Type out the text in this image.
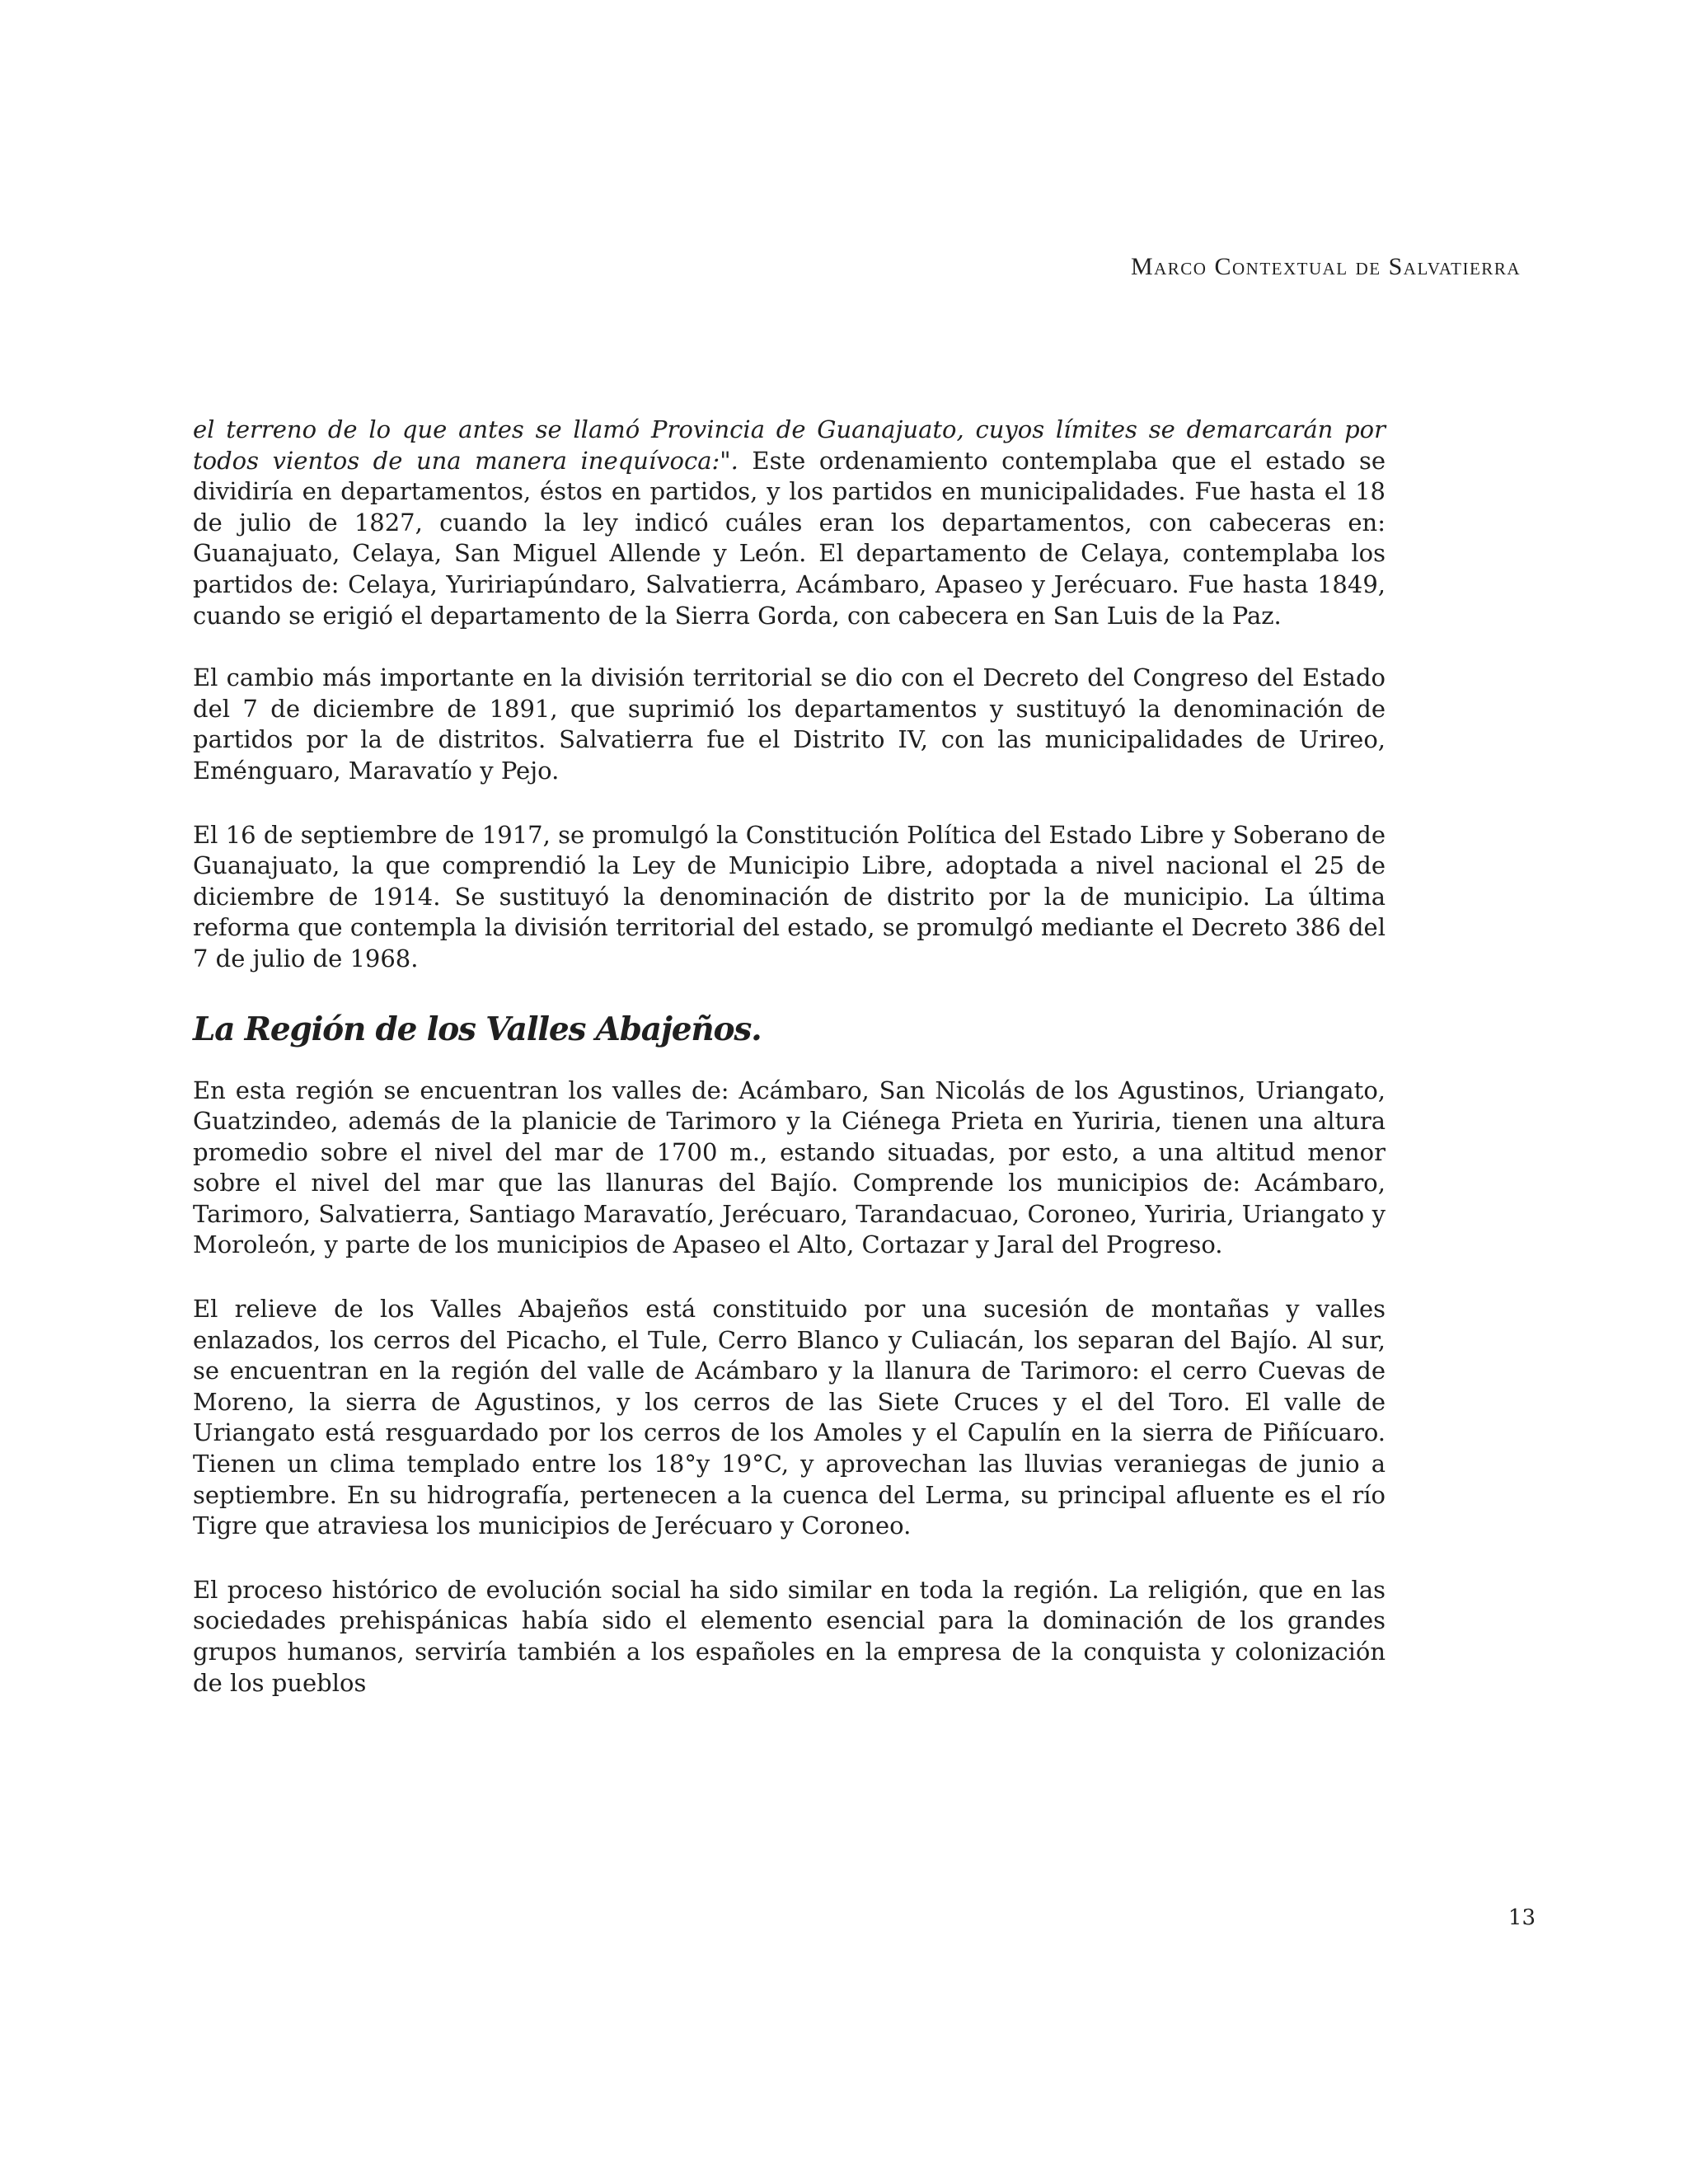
Marco Contextual de Salvatierra

el terreno de lo que antes se llamó Provincia de Guanajuato, cuyos límites se demarcarán por todos vientos de una manera inequívoca:". Este ordenamiento contemplaba que el estado se dividiría en departamentos, éstos en partidos, y los partidos en municipalidades. Fue hasta el 18 de julio de 1827, cuando la ley indicó cuáles eran los departamentos, con cabeceras en: Guanajuato, Celaya, San Miguel Allende y León. El departamento de Celaya, contemplaba los partidos de: Celaya, Yuririapúndaro, Salvatierra, Acámbaro, Apaseo y Jerécuaro. Fue hasta 1849, cuando se erigió el departamento de la Sierra Gorda, con cabecera en San Luis de la Paz.

El cambio más importante en la división territorial se dio con el Decreto del Congreso del Estado del 7 de diciembre de 1891, que suprimió los departamentos y sustituyó la denominación de partidos por la de distritos. Salvatierra fue el Distrito IV, con las municipalidades de Urireo, Eménguaro, Maravatío y Pejo.

El 16 de septiembre de 1917, se promulgó la Constitución Política del Estado Libre y Soberano de Guanajuato, la que comprendió la Ley de Municipio Libre, adoptada a nivel nacional el 25 de diciembre de 1914. Se sustituyó la denominación de distrito por la de municipio. La última reforma que contempla la división territorial del estado, se promulgó mediante el Decreto 386 del 7 de julio de 1968.

La Región de los Valles Abajeños.

En esta región se encuentran los valles de: Acámbaro, San Nicolás de los Agustinos, Uriangato, Guatzindeo, además de la planicie de Tarimoro y la Ciénega Prieta en Yuriria, tienen una altura promedio sobre el nivel del mar de 1700 m., estando situadas, por esto, a una altitud menor sobre el nivel del mar que las llanuras del Bajío. Comprende los municipios de: Acámbaro, Tarimoro, Salvatierra, Santiago Maravatío, Jerécuaro, Tarandacuao, Coroneo, Yuriria, Uriangato y Moroleón, y parte de los municipios de Apaseo el Alto, Cortazar y Jaral del Progreso.

El relieve de los Valles Abajeños está constituido por una sucesión de montañas y valles enlazados, los cerros del Picacho, el Tule, Cerro Blanco y Culiacán, los separan del Bajío. Al sur, se encuentran en la región del valle de Acámbaro y la llanura de Tarimoro: el cerro Cuevas de Moreno, la sierra de Agustinos, y los cerros de las Siete Cruces y el del Toro. El valle de Uriangato está resguardado por los cerros de los Amoles y el Capulín en la sierra de Piñícuaro. Tienen un clima templado entre los 18°y 19°C, y aprovechan las lluvias veraniegas de junio a septiembre. En su hidrografía, pertenecen a la cuenca del Lerma, su principal afluente es el río Tigre que atraviesa los municipios de Jerécuaro y Coroneo.

El proceso histórico de evolución social ha sido similar en toda la región. La religión, que en las sociedades prehispánicas había sido el elemento esencial para la dominación de los grandes grupos humanos, serviría también a los españoles en la empresa de la conquista y colonización de los pueblos

13
